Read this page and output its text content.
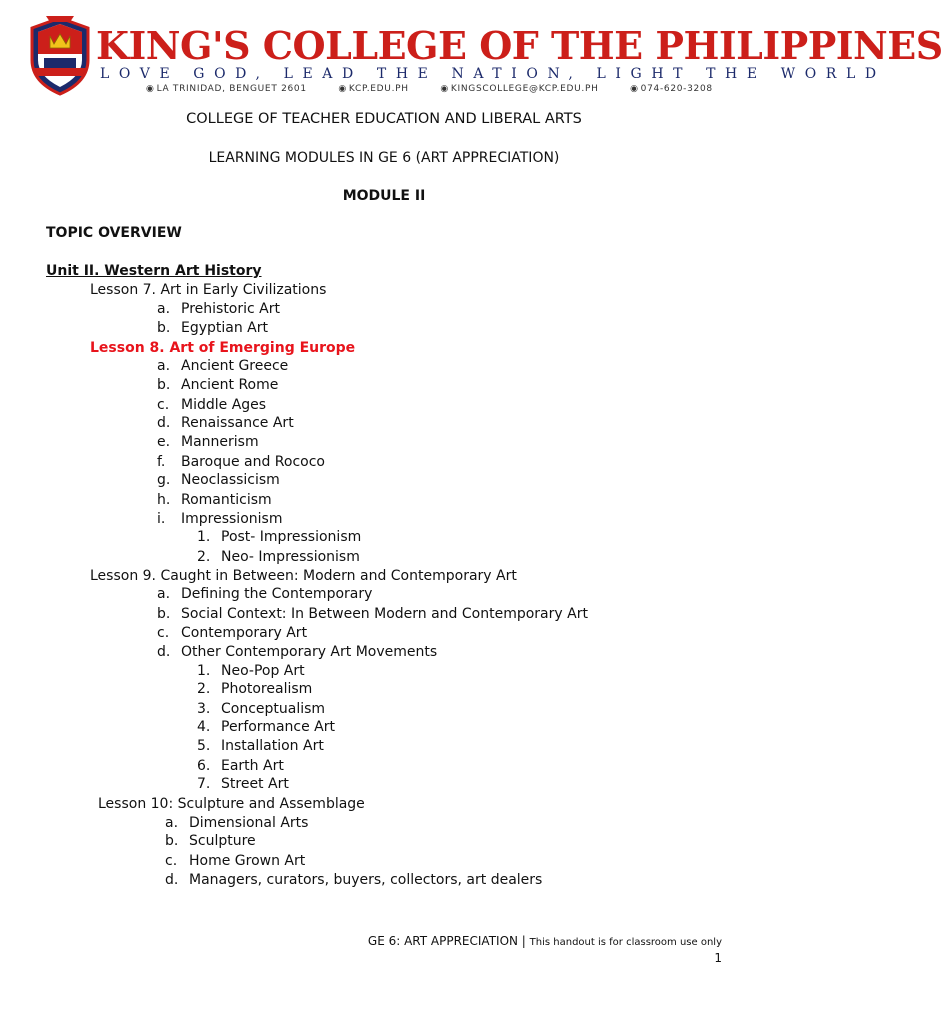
KING'S COLLEGE OF THE PHILIPPINES
LOVE GOD, LEAD THE NATION, LIGHT THE WORLD
◉ LA TRINIDAD, BENGUET 2601	◉ KCP.EDU.PH	◉ KINGSCOLLEGE@KCP.EDU.PH	◉ 074-620-3208
COLLEGE OF TEACHER EDUCATION AND LIBERAL ARTS
LEARNING MODULES IN GE 6 (ART APPRECIATION)
MODULE II
TOPIC OVERVIEW
Unit II. Western Art History
Lesson 7. Art in Early Civilizations
a. Prehistoric Art
b. Egyptian Art
Lesson 8. Art of Emerging Europe
a. Ancient Greece
b. Ancient Rome
c. Middle Ages
d. Renaissance Art
e. Mannerism
f. Baroque and Rococo
g. Neoclassicism
h. Romanticism
i. Impressionism
1. Post- Impressionism
2. Neo- Impressionism
Lesson 9. Caught in Between: Modern and Contemporary Art
a. Defining the Contemporary
b. Social Context: In Between Modern and Contemporary Art
c. Contemporary Art
d. Other Contemporary Art Movements
1. Neo-Pop Art
2. Photorealism
3. Conceptualism
4. Performance Art
5. Installation Art
6. Earth Art
7. Street Art
Lesson 10: Sculpture and Assemblage
a. Dimensional Arts
b. Sculpture
c. Home Grown Art
d. Managers, curators, buyers, collectors, art dealers
GE 6: ART APPRECIATION | This handout is for classroom use only
1
